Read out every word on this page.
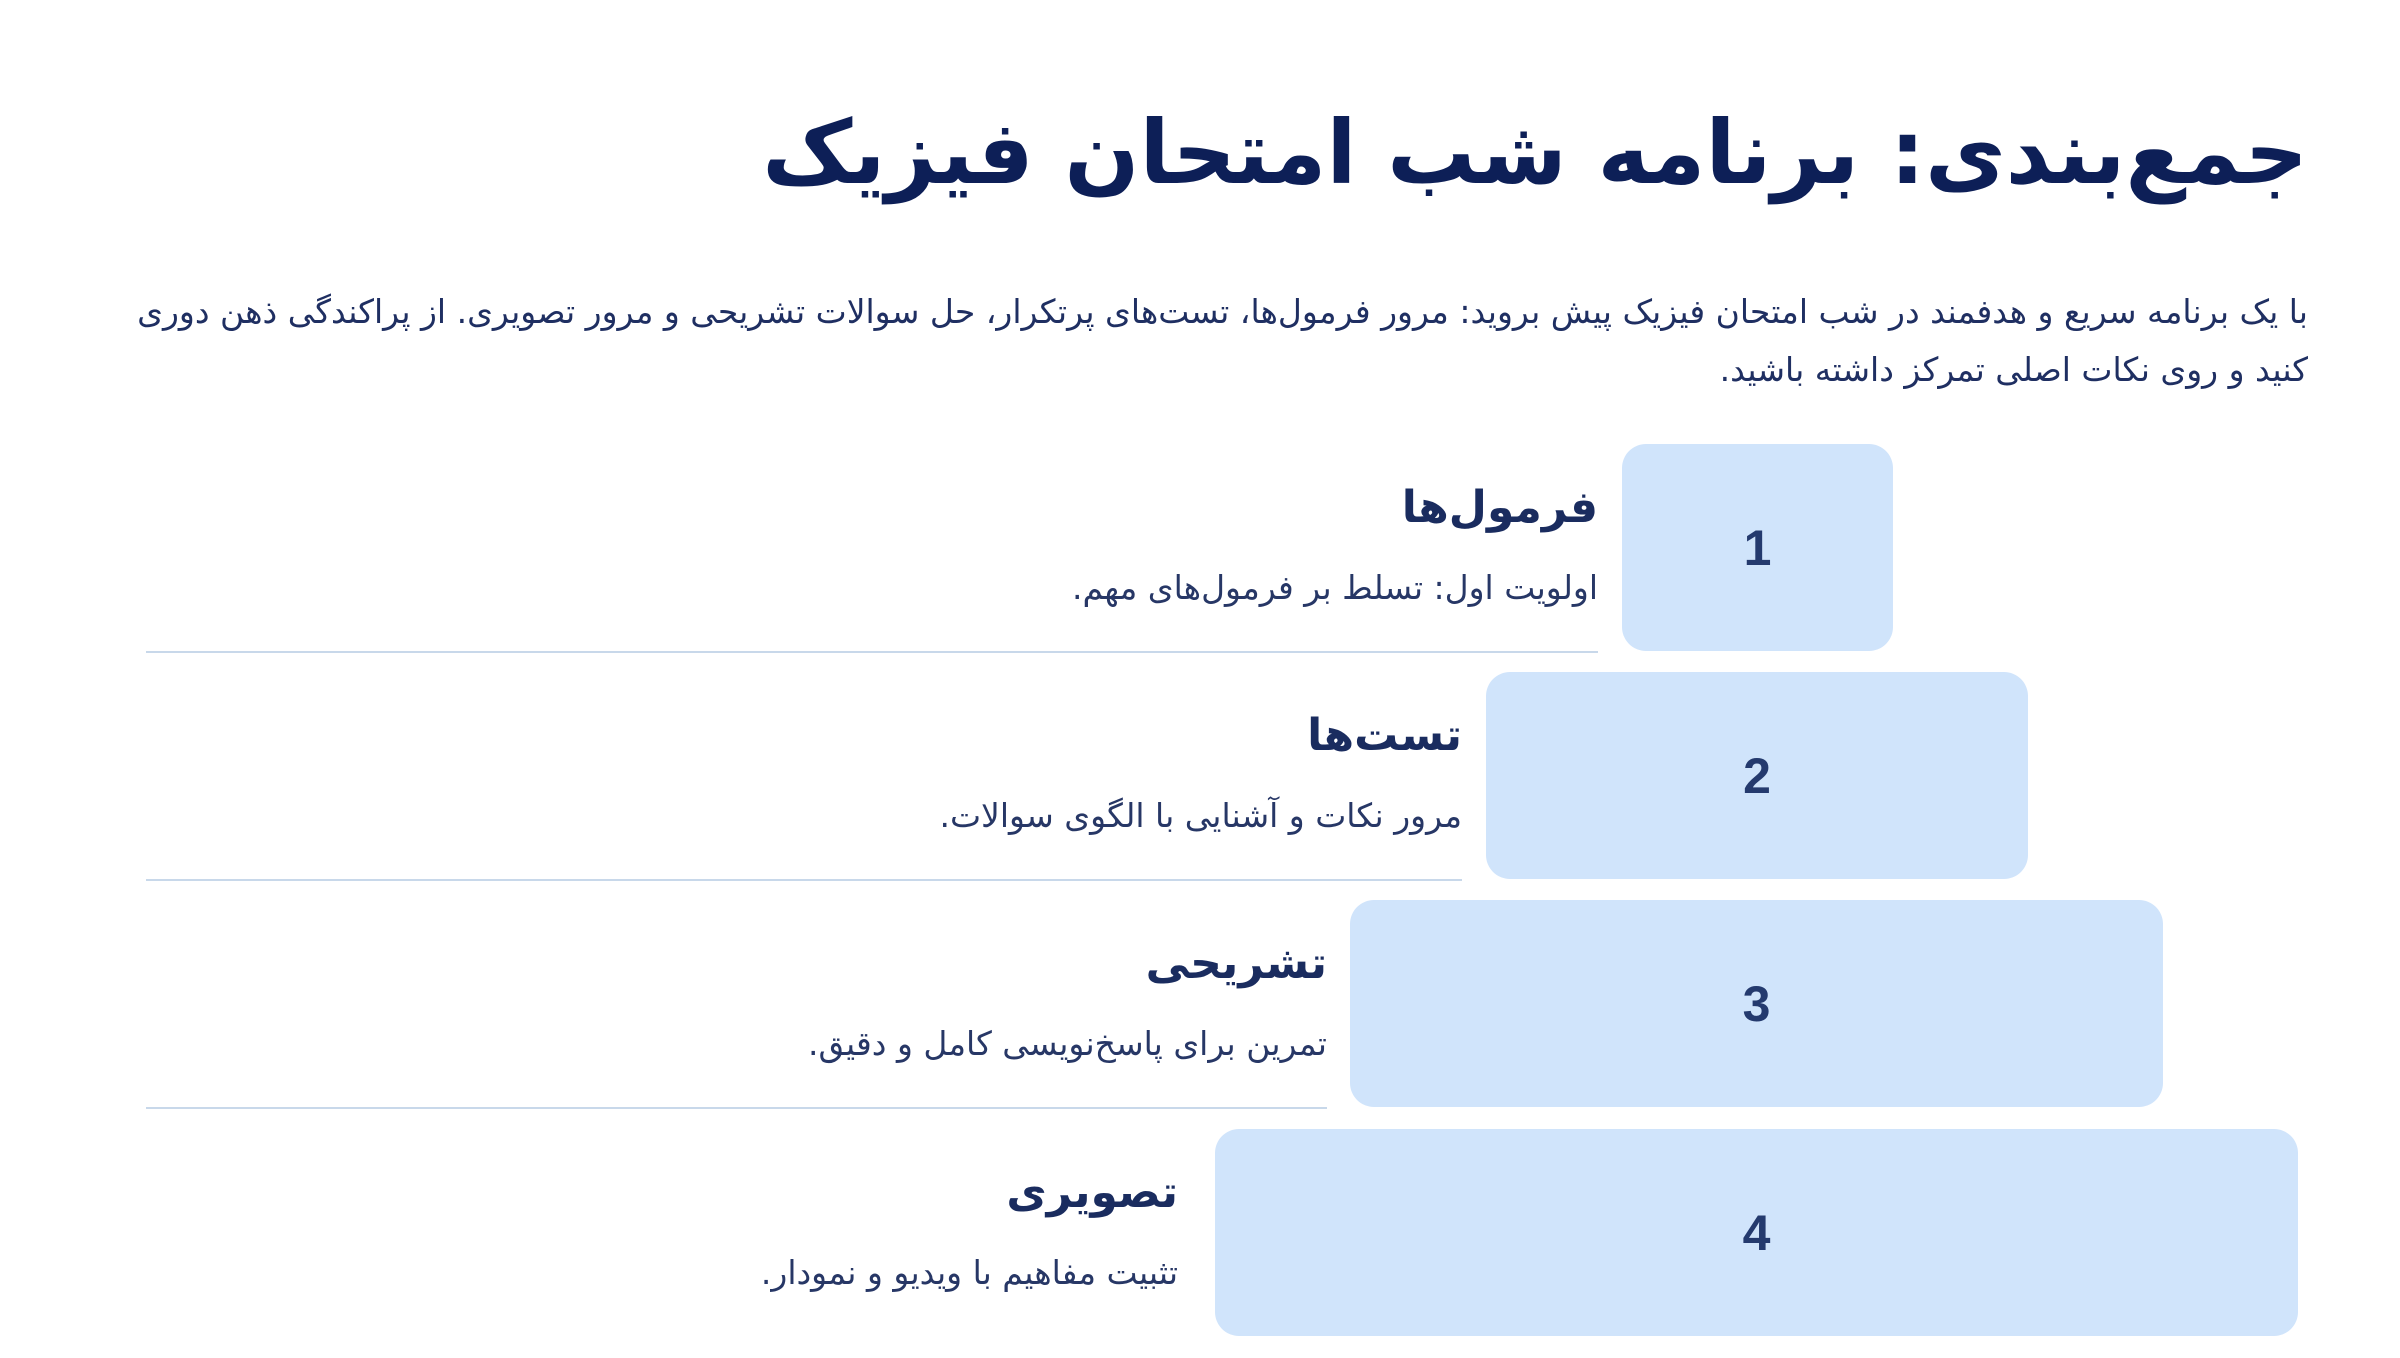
جمع‌بندی: برنامه شب امتحان فیزیک
با یک برنامه سریع و هدفمند در شب امتحان فیزیک پیش بروید: مرور فرمول‌ها، تست‌های پرتکرار، حل سوالات تشریحی و مرور تصویری. از پراکندگی ذهن دوری کنید و روی نکات اصلی تمرکز داشته باشید.
1
فرمول‌ها
اولویت اول: تسلط بر فرمول‌های مهم.
2
تست‌ها
مرور نکات و آشنایی با الگوی سوالات.
3
تشریحی
تمرین برای پاسخ‌نویسی کامل و دقیق.
4
تصویری
تثبیت مفاهیم با ویدیو و نمودار.
